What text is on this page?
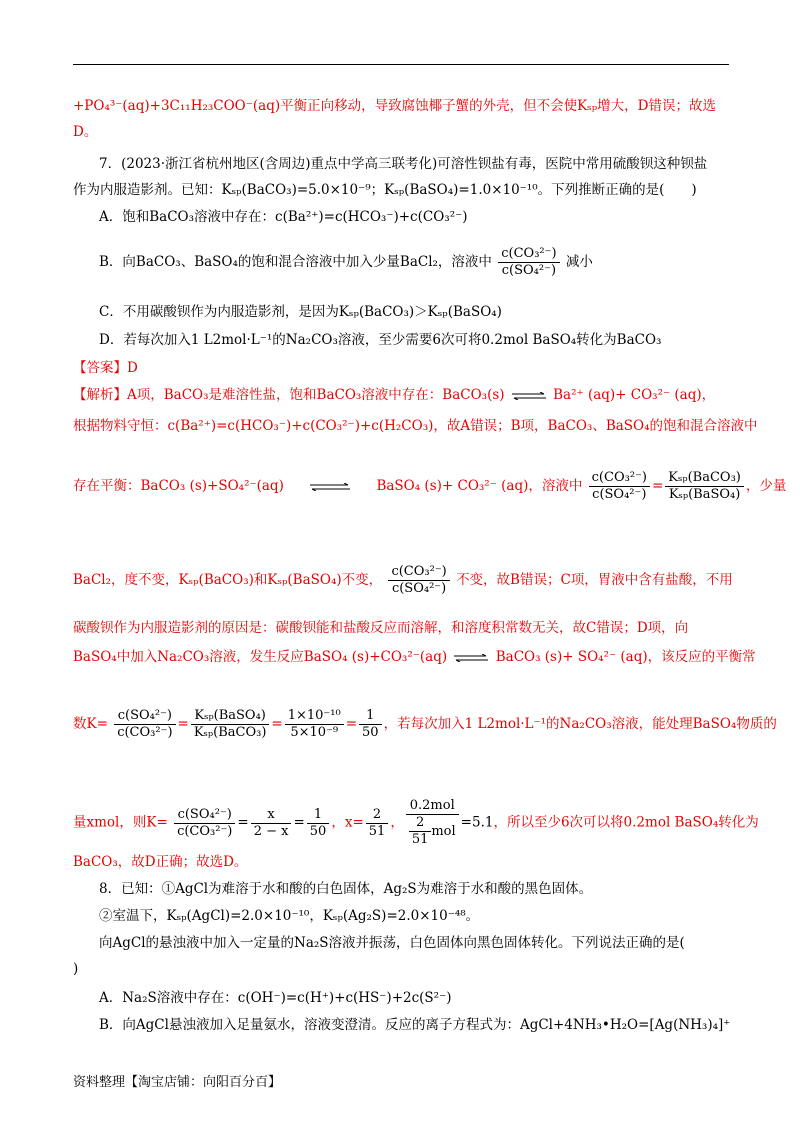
+PO₄³⁻(aq)+3C₁₁H₂₃COO⁻(aq)平衡正向移动，导致腐蚀椰子蟹的外壳，但不会使Kₛₚ增大，D错误；故选
D。
7．(2023·浙江省杭州地区(含周边)重点中学高三联考化)可溶性钡盐有毒，医院中常用硫酸钡这种钡盐
作为内服造影剂。已知：Kₛₚ(BaCO₃)=5.0×10⁻⁹；Kₛₚ(BaSO₄)=1.0×10⁻¹⁰。下列推断正确的是(　　)
A．饱和BaCO₃溶液中存在：c(Ba²⁺)=c(HCO₃⁻)+c(CO₃²⁻)
B．向BaCO₃、BaSO₄的饱和混合溶液中加入少量BaCl₂，溶液中 $\frac{\text{c(CO₃²⁻)}}{\text{c(SO₄²⁻)}}$ 减小
C．不用碳酸钡作为内服造影剂，是因为Kₛₚ(BaCO₃)＞Kₛₚ(BaSO₄)
D．若每次加入1 L2mol·L⁻¹的Na₂CO₃溶液，至少需要6次可将0.2mol BaSO₄转化为BaCO₃
【答案】D
【解析】A项，BaCO₃是难溶性盐，饱和BaCO₃溶液中存在：BaCO₃(s) ⇌ Ba²⁺ (aq)+ CO₃²⁻ (aq)，
根据物料守恒：c(Ba²⁺)=c(HCO₃⁻)+c(CO₃²⁻)+c(H₂CO₃)，故A错误；B项，BaCO₃、BaSO₄的饱和混合溶液中
存在平衡：BaCO₃ (s)+SO₄²⁻(aq)	BaSO₄ (s)+ CO₃²⁻ (aq)，溶液中 $\frac{\text{c(CO₃²⁻)}}{\text{c(SO₄²⁻)}} = \frac{\text{Kₛₚ(BaCO₃)}}{\text{Kₛₚ(BaSO₄)}}$ ，少量
BaCl₂，度不变，Kₛₚ(BaCO₃)和Kₛₚ(BaSO₄)不变， $\frac{\text{c(CO₃²⁻)}}{\text{c(SO₄²⁻)}}$ 不变，故B错误；C项，胃液中含有盐酸，不用
碳酸钡作为内服造影剂的原因是：碳酸钡能和盐酸反应而溶解，和溶度积常数无关，故C错误；D项，向
BaSO₄中加入Na₂CO₃溶液，发生反应BaSO₄ (s)+CO₃²⁻(aq) ⇌ BaCO₃ (s)+ SO₄²⁻ (aq)，该反应的平衡常
数$K= \frac{\text{c(SO₄²⁻)}}{\text{c(CO₃²⁻)}} = \frac{\text{Kₛₚ(BaSO₄)}}{\text{Kₛₚ(BaCO₃)}} = \frac{\text{1×10⁻¹⁰}}{\text{5×10⁻⁹}} = \frac{1}{50}$ ，若每次加入1 L2mol·L⁻¹的Na₂CO₃溶液，能处理BaSO₄物质的
量xmol，则$K= \frac{\text{c(SO₄²⁻)}}{\text{c(CO₃²⁻)}} = \frac{x}{2 - x} = \frac{1}{50}$ ，$x= \frac{2}{51}$ ， $\frac{\text{0.2mol}}{\frac{2}{51} mol} =5.1$，所以至少6次可以将0.2mol BaSO₄转化为
BaCO₃，故D正确；故选D。
8．已知：①AgCl为难溶于水和酸的白色固体，Ag₂S为难溶于水和酸的黑色固体。
②室温下，Kₛₚ(AgCl)=2.0×10⁻¹⁰，Kₛₚ(Ag₂S)=2.0×10⁻⁴⁸。
向AgCl的悬浊液中加入一定量的Na₂S溶液并振荡，白色固体向黑色固体转化。下列说法正确的是(
)
A．Na₂S溶液中存在：c(OH⁻)=c(H⁺)+c(HS⁻)+2c(S²⁻)
B．向AgCl悬浊液加入足量氨水，溶液变澄清。反应的离子方程式为：AgCl+4NH₃•H₂O=[Ag(NH₃)₄]⁺
资料整理【淘宝店铺：向阳百分百】
